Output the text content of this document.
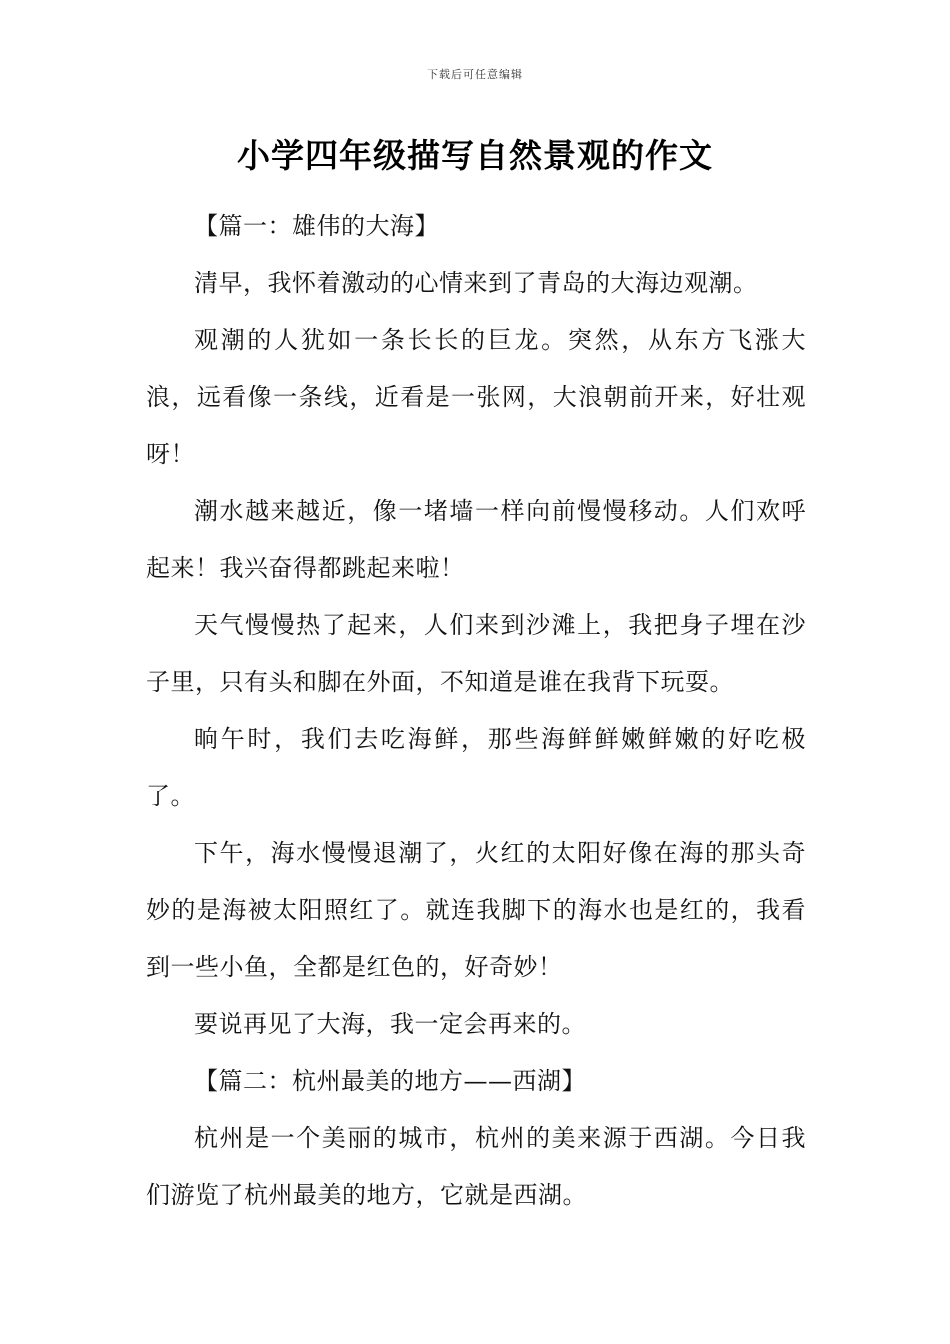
下载后可任意编辑
小学四年级描写自然景观的作文

【篇一：雄伟的大海】

清早，我怀着激动的心情来到了青岛的大海边观潮。

观潮的人犹如一条长长的巨龙。突然，从东方飞涨大浪，远看像一条线，近看是一张网，大浪朝前开来，好壮观呀！

潮水越来越近，像一堵墙一样向前慢慢移动。人们欢呼起来！我兴奋得都跳起来啦！

天气慢慢热了起来，人们来到沙滩上，我把身子埋在沙子里，只有头和脚在外面，不知道是谁在我背下玩耍。

晌午时，我们去吃海鲜，那些海鲜鲜嫩鲜嫩的好吃极了。

下午，海水慢慢退潮了，火红的太阳好像在海的那头奇妙的是海被太阳照红了。就连我脚下的海水也是红的，我看到一些小鱼，全都是红色的，好奇妙！

要说再见了大海，我一定会再来的。

【篇二：杭州最美的地方——西湖】

杭州是一个美丽的城市，杭州的美来源于西湖。今日我们游览了杭州最美的地方，它就是西湖。
